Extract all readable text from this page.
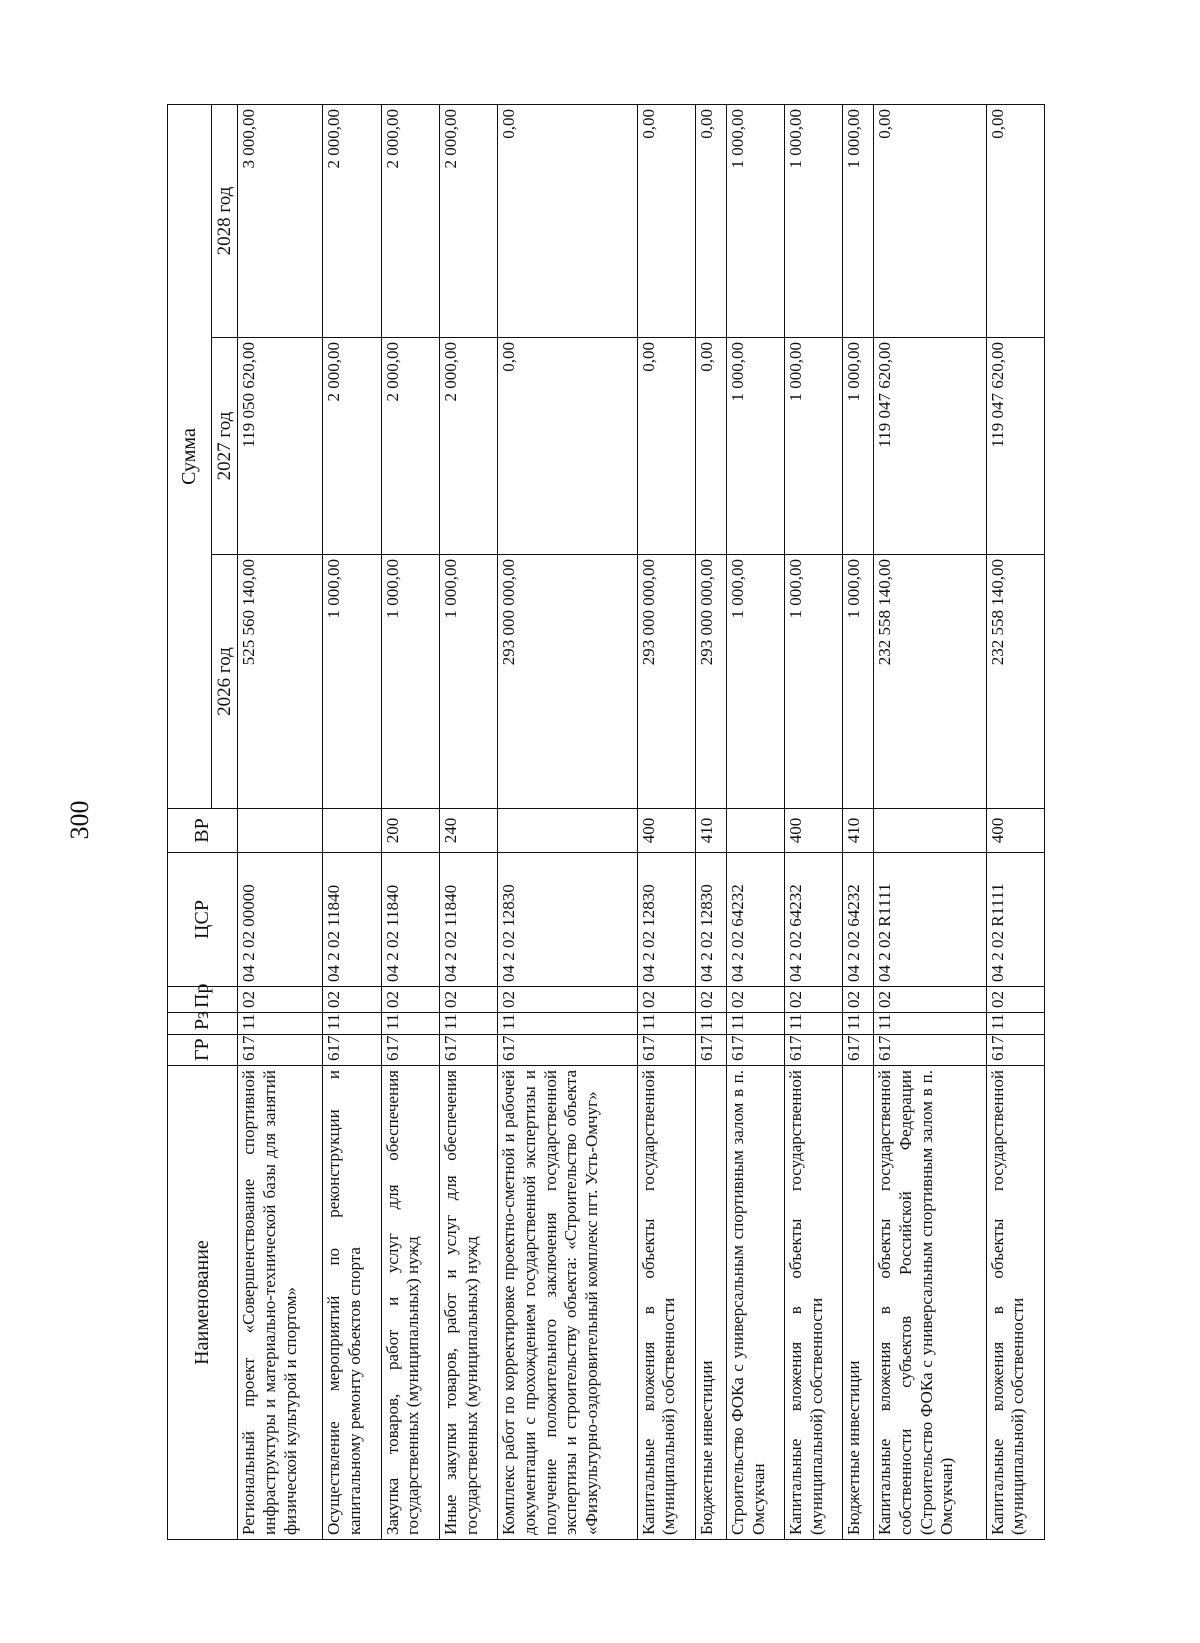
300
Наименование	ГР	Рз	Пр	ЦСР	ВР	Сумма		
						2026 год	2027 год	2028 год
Региональный проект «Совершенствование спортивной инфраструктуры и материально-технической базы для занятий физической культурой и спортом»	617	11	02	04 2 02 00000		525 560 140,00	119 050 620,00	3 000,00
Осуществление мероприятий по реконструкции и капитальному ремонту объектов спорта	617	11	02	04 2 02 11840		1 000,00	2 000,00	2 000,00
Закупка товаров, работ и услуг для обеспечения государственных (муниципальных) нужд	617	11	02	04 2 02 11840	200	1 000,00	2 000,00	2 000,00
Иные закупки товаров, работ и услуг для обеспечения государственных (муниципальных) нужд	617	11	02	04 2 02 11840	240	1 000,00	2 000,00	2 000,00
Комплекс работ по корректировке проектно-сметной и рабочей документации с прохождением государственной экспертизы и получение положительного заключения государственной экспертизы и строительству объекта: «Строительство объекта «Физкультурно-оздоровительный комплекс пгт. Усть-Омчуг»	617	11	02	04 2 02 12830		293 000 000,00	0,00	0,00
Капитальные вложения в объекты государственной (муниципальной) собственности	617	11	02	04 2 02 12830	400	293 000 000,00	0,00	0,00
Бюджетные инвестиции	617	11	02	04 2 02 12830	410	293 000 000,00	0,00	0,00
Строительство ФОКа с универсальным спортивным залом в п. Омсукчан	617	11	02	04 2 02 64232		1 000,00	1 000,00	1 000,00
Капитальные вложения в объекты государственной (муниципальной) собственности	617	11	02	04 2 02 64232	400	1 000,00	1 000,00	1 000,00
Бюджетные инвестиции	617	11	02	04 2 02 64232	410	1 000,00	1 000,00	1 000,00
Капитальные вложения в объекты государственной собственности субъектов Российской Федерации (Строительство ФОКа с универсальным спортивным залом в п. Омсукчан)	617	11	02	04 2 02 R1111		232 558 140,00	119 047 620,00	0,00
Капитальные вложения в объекты государственной (муниципальной) собственности	617	11	02	04 2 02 R1111	400	232 558 140,00	119 047 620,00	0,00
